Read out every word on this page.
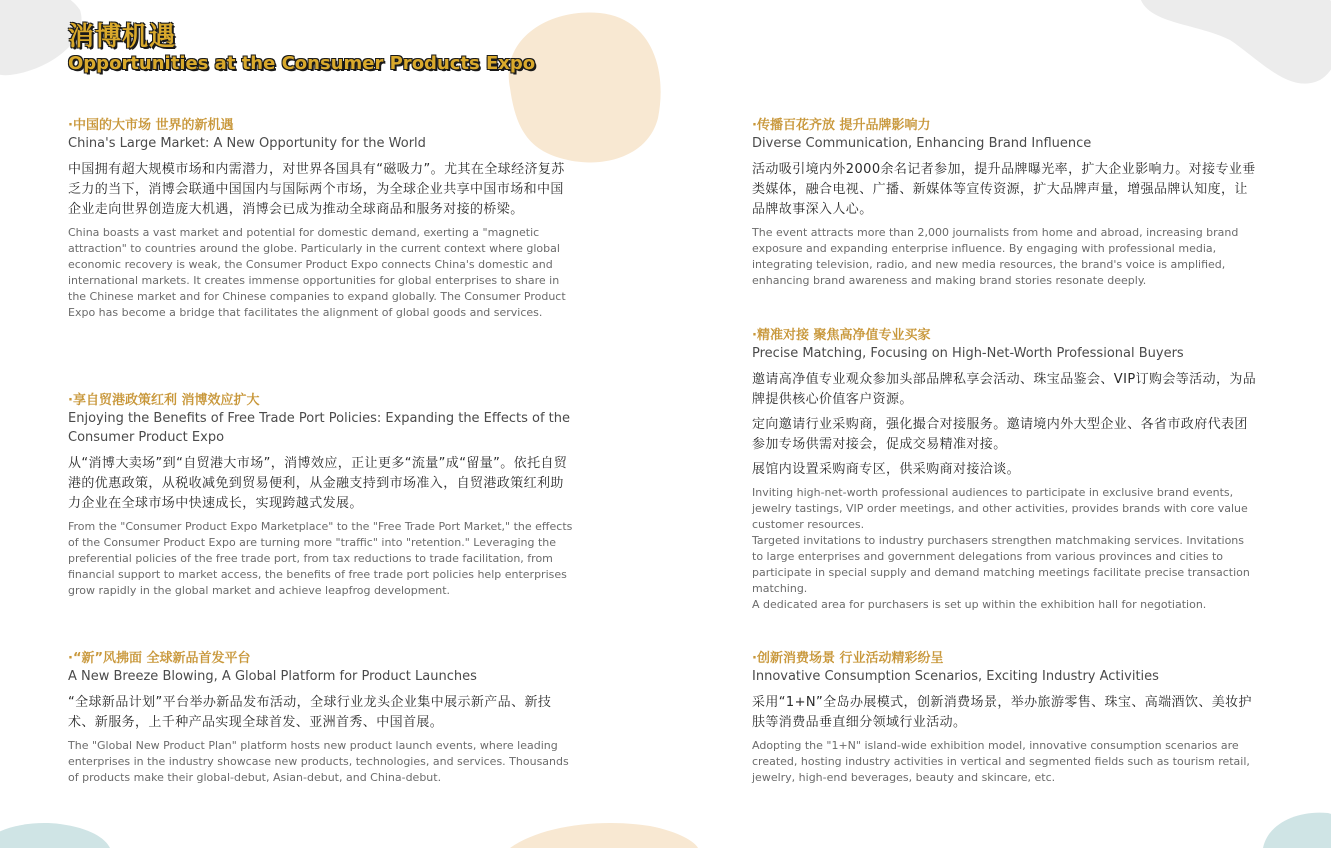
消博机遇
Opportunities at the Consumer Products Expo

·中国的大市场 世界的新机遇

China's Large Market: A New Opportunity for the World

中国拥有超大规模市场和内需潜力，对世界各国具有“磁吸力”。尤其在全球经济复苏乏力的当下，消博会联通中国国内与国际两个市场，为全球企业共享中国市场和中国企业走向世界创造庞大机遇，消博会已成为推动全球商品和服务对接的桥梁。

China boasts a vast market and potential for domestic demand, exerting a "magnetic attraction" to countries around the globe. Particularly in the current context where global economic recovery is weak, the Consumer Product Expo connects China's domestic and international markets. It creates immense opportunities for global enterprises to share in the Chinese market and for Chinese companies to expand globally. The Consumer Product Expo has become a bridge that facilitates the alignment of global goods and services.

·享自贸港政策红利 消博效应扩大

Enjoying the Benefits of Free Trade Port Policies: Expanding the Effects of the Consumer Product Expo

从“消博大卖场”到“自贸港大市场”，消博效应，正让更多“流量”成“留量”。依托自贸港的优惠政策，从税收减免到贸易便利，从金融支持到市场准入，自贸港政策红利助力企业在全球市场中快速成长，实现跨越式发展。

From the "Consumer Product Expo Marketplace" to the "Free Trade Port Market," the effects of the Consumer Product Expo are turning more "traffic" into "retention." Leveraging the preferential policies of the free trade port, from tax reductions to trade facilitation, from financial support to market access, the benefits of free trade port policies help enterprises grow rapidly in the global market and achieve leapfrog development.

·“新”风拂面 全球新品首发平台

A New Breeze Blowing, A Global Platform for Product Launches

“全球新品计划”平台举办新品发布活动，全球行业龙头企业集中展示新产品、新技术、新服务，上千种产品实现全球首发、亚洲首秀、中国首展。

The "Global New Product Plan" platform hosts new product launch events, where leading enterprises in the industry showcase new products, technologies, and services. Thousands of products make their global-debut, Asian-debut, and China-debut.

·传播百花齐放 提升品牌影响力

Diverse Communication, Enhancing Brand Influence

活动吸引境内外2000余名记者参加，提升品牌曝光率，扩大企业影响力。对接专业垂类媒体，融合电视、广播、新媒体等宣传资源，扩大品牌声量，增强品牌认知度，让品牌故事深入人心。

The event attracts more than 2,000 journalists from home and abroad, increasing brand exposure and expanding enterprise influence. By engaging with professional media, integrating television, radio, and new media resources, the brand's voice is amplified, enhancing brand awareness and making brand stories resonate deeply.

·精准对接 聚焦高净值专业买家

Precise Matching, Focusing on High-Net-Worth Professional Buyers

邀请高净值专业观众参加头部品牌私享会活动、珠宝品鉴会、VIP订购会等活动，为品牌提供核心价值客户资源。

定向邀请行业采购商，强化撮合对接服务。邀请境内外大型企业、各省市政府代表团参加专场供需对接会，促成交易精准对接。

展馆内设置采购商专区，供采购商对接洽谈。

Inviting high-net-worth professional audiences to participate in exclusive brand events, jewelry tastings, VIP order meetings, and other activities, provides brands with core value customer resources.
Targeted invitations to industry purchasers strengthen matchmaking services. Invitations to large enterprises and government delegations from various provinces and cities to participate in special supply and demand matching meetings facilitate precise transaction matching.
A dedicated area for purchasers is set up within the exhibition hall for negotiation.

·创新消费场景 行业活动精彩纷呈

Innovative Consumption Scenarios, Exciting Industry Activities

采用“1+N”全岛办展模式，创新消费场景，举办旅游零售、珠宝、高端酒饮、美妆护肤等消费品垂直细分领域行业活动。

Adopting the "1+N" island-wide exhibition model, innovative consumption scenarios are created, hosting industry activities in vertical and segmented fields such as tourism retail, jewelry, high-end beverages, beauty and skincare, etc.
